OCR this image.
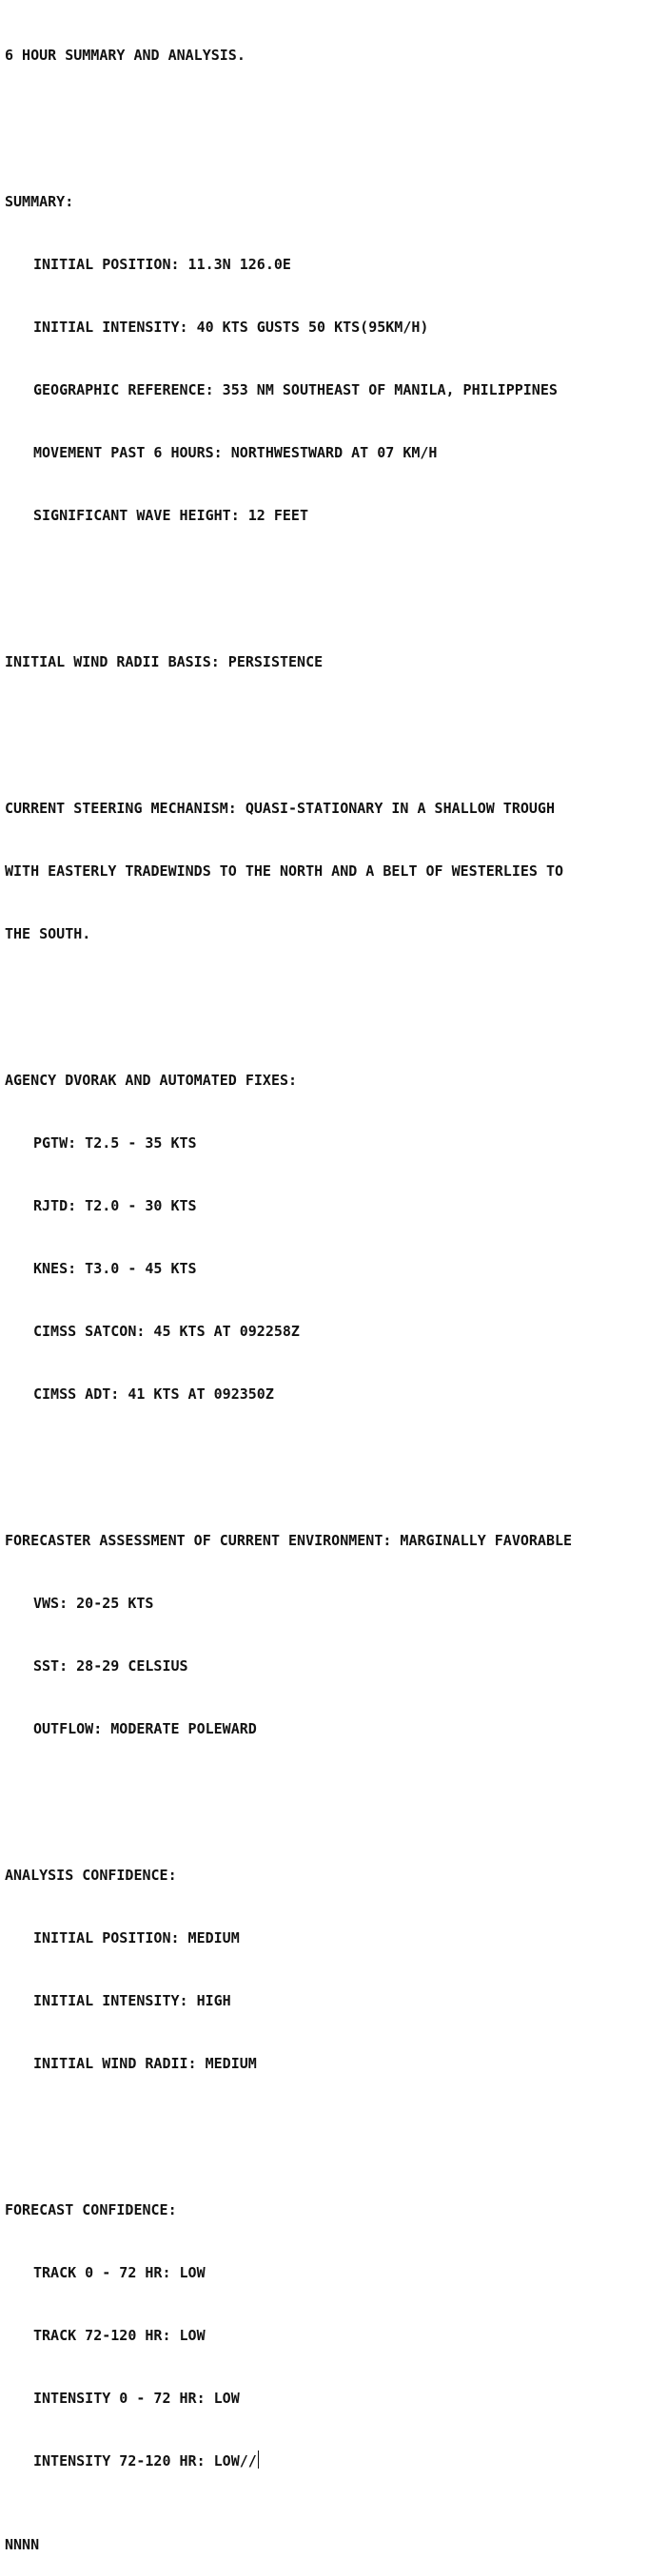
6 HOUR SUMMARY AND ANALYSIS.

SUMMARY:

INITIAL POSITION: 11.3N 126.0E

INITIAL INTENSITY: 40 KTS GUSTS 50 KTS(95KM/H)

GEOGRAPHIC REFERENCE: 353 NM SOUTHEAST OF MANILA, PHILIPPINES

MOVEMENT PAST 6 HOURS: NORTHWESTWARD AT 07 KM/H

SIGNIFICANT WAVE HEIGHT: 12 FEET

INITIAL WIND RADII BASIS: PERSISTENCE

CURRENT STEERING MECHANISM: QUASI-STATIONARY IN A SHALLOW TROUGH

WITH EASTERLY TRADEWINDS TO THE NORTH AND A BELT OF WESTERLIES TO

THE SOUTH.

AGENCY DVORAK AND AUTOMATED FIXES:

PGTW: T2.5 - 35 KTS

RJTD: T2.0 - 30 KTS

KNES: T3.0 - 45 KTS

CIMSS SATCON: 45 KTS AT 092258Z

CIMSS ADT: 41 KTS AT 092350Z

FORECASTER ASSESSMENT OF CURRENT ENVIRONMENT: MARGINALLY FAVORABLE

VWS: 20-25 KTS

SST: 28-29 CELSIUS

OUTFLOW: MODERATE POLEWARD

ANALYSIS CONFIDENCE:

INITIAL POSITION: MEDIUM

INITIAL INTENSITY: HIGH

INITIAL WIND RADII: MEDIUM

FORECAST CONFIDENCE:

TRACK 0 - 72 HR: LOW

TRACK 72-120 HR: LOW

INTENSITY 0 - 72 HR: LOW

INTENSITY 72-120 HR: LOW//

NNNN
